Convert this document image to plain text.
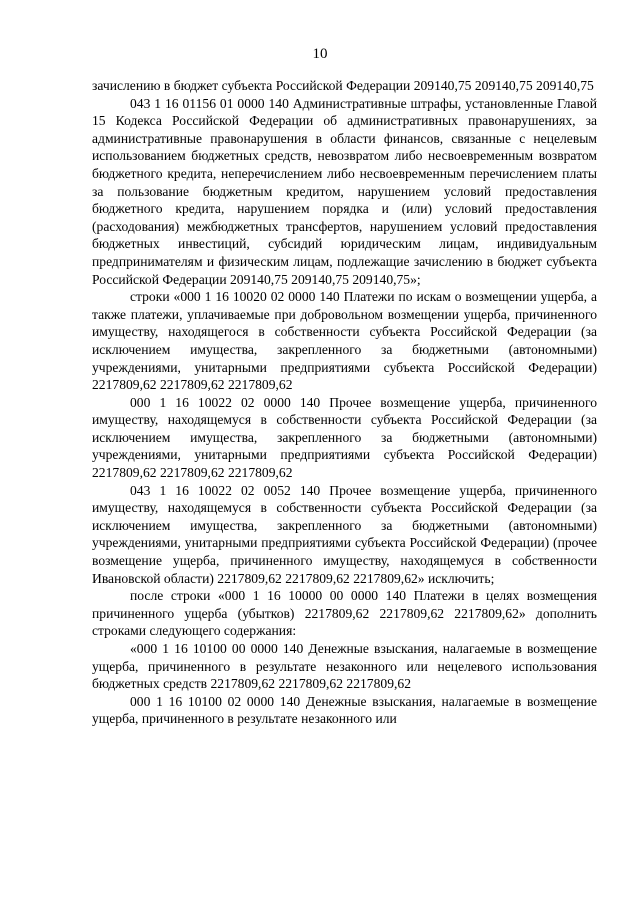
10

зачислению в бюджет субъекта Российской Федерации 209140,75 209140,75 209140,75

043 1 16 01156 01 0000 140 Административные штрафы, установленные Главой 15 Кодекса Российской Федерации об административных правонарушениях, за административные правонарушения в области финансов, связанные с нецелевым использованием бюджетных средств, невозвратом либо несвоевременным возвратом бюджетного кредита, неперечислением либо несвоевременным перечислением платы за пользование бюджетным кредитом, нарушением условий предоставления бюджетного кредита, нарушением порядка и (или) условий предоставления (расходования) межбюджетных трансфертов, нарушением условий предоставления бюджетных инвестиций, субсидий юридическим лицам, индивидуальным предпринимателям и физическим лицам, подлежащие зачислению в бюджет субъекта Российской Федерации 209140,75 209140,75 209140,75»;

строки «000 1 16 10020 02 0000 140 Платежи по искам о возмещении ущерба, а также платежи, уплачиваемые при добровольном возмещении ущерба, причиненного имуществу, находящегося в собственности субъекта Российской Федерации (за исключением имущества, закрепленного за бюджетными (автономными) учреждениями, унитарными предприятиями субъекта Российской Федерации) 2217809,62 2217809,62 2217809,62

000 1 16 10022 02 0000 140 Прочее возмещение ущерба, причиненного имуществу, находящемуся в собственности субъекта Российской Федерации (за исключением имущества, закрепленного за бюджетными (автономными) учреждениями, унитарными предприятиями субъекта Российской Федерации) 2217809,62 2217809,62 2217809,62

043 1 16 10022 02 0052 140 Прочее возмещение ущерба, причиненного имуществу, находящемуся в собственности субъекта Российской Федерации (за исключением имущества, закрепленного за бюджетными (автономными) учреждениями, унитарными предприятиями субъекта Российской Федерации) (прочее возмещение ущерба, причиненного имуществу, находящемуся в собственности Ивановской области) 2217809,62 2217809,62 2217809,62» исключить;

после строки «000 1 16 10000 00 0000 140 Платежи в целях возмещения причиненного ущерба (убытков) 2217809,62 2217809,62 2217809,62» дополнить строками следующего содержания:

«000 1 16 10100 00 0000 140 Денежные взыскания, налагаемые в возмещение ущерба, причиненного в результате незаконного или нецелевого использования бюджетных средств 2217809,62 2217809,62 2217809,62

000 1 16 10100 02 0000 140 Денежные взыскания, налагаемые в возмещение ущерба, причиненного в результате незаконного или
